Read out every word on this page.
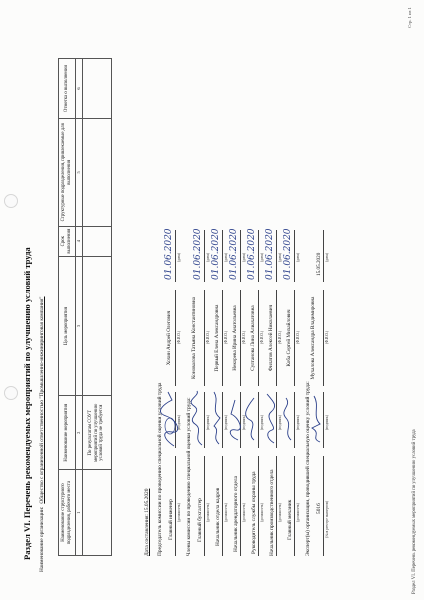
Раздел VI. Перечень рекомендуемых мероприятий по улучшению условий труда Наименование организации:Общество с ограниченной ответственностью "Промышленно-инжиниринговая компания"
Наименование структурного подразделения, рабочего места	Наименование мероприятия	Цель мероприятия	Срок выполнения	Структурные подразделения, привлекаемые для выполнения	Отметка о выполнении
1	2	3	4	5	6
	По результатам СОУТ мероприятий по улучшению условий труда не требуется				
Дата составления: 15.05.2020 Председатель комиссии по проведению специальной оценки условий труда Главный инженер (должность)
(подпись)
Хохин Андрей Олегович (Ф.И.О.)
01.06.2020 (дата)
Члены комиссии по проведению специальной оценки условий труда: Главный бухгалтер (должность)
(подпись)
Коновалова Татьяна Константиновна	(Ф.И.О.)
01.06.2020 (дата)
Начальник отдела кадров (должность)
(подпись)
Первый Елена Александровна (Ф.И.О.)
01.06.2020 (дата)
Начальник арендаторного отдела (должность)
(подпись)
Некорева Ирина Анатольевна (Ф.И.О.)
01.06.2020 (дата)
Руководитель службы охраны труда (должность)
(подпись)
Султанова Лина Алиахатовна (Ф.И.О.)
01.06.2020 (дата)
Начальник производственного отдела (должность)
(подпись)
Филатов Алексей Николаевич (Ф.И.О.)
01.06.2020 (дата)
Главный механик (должность)
(подпись)
Коба Сергей Михайлович (Ф.И.О.)
01.06.2020 (дата)
Эксперт(ы) организации, проводившей специальную оценку условий труда: 5016 (№ в реестре экспертов)
(подпись)
Мухалова Александра Владимировна	(Ф.И.О.)
15.05.2020 (дата)
Раздел VI. Перечень рекомендуемых мероприятий по улучшению условий труда
Стр. 1 из 1
